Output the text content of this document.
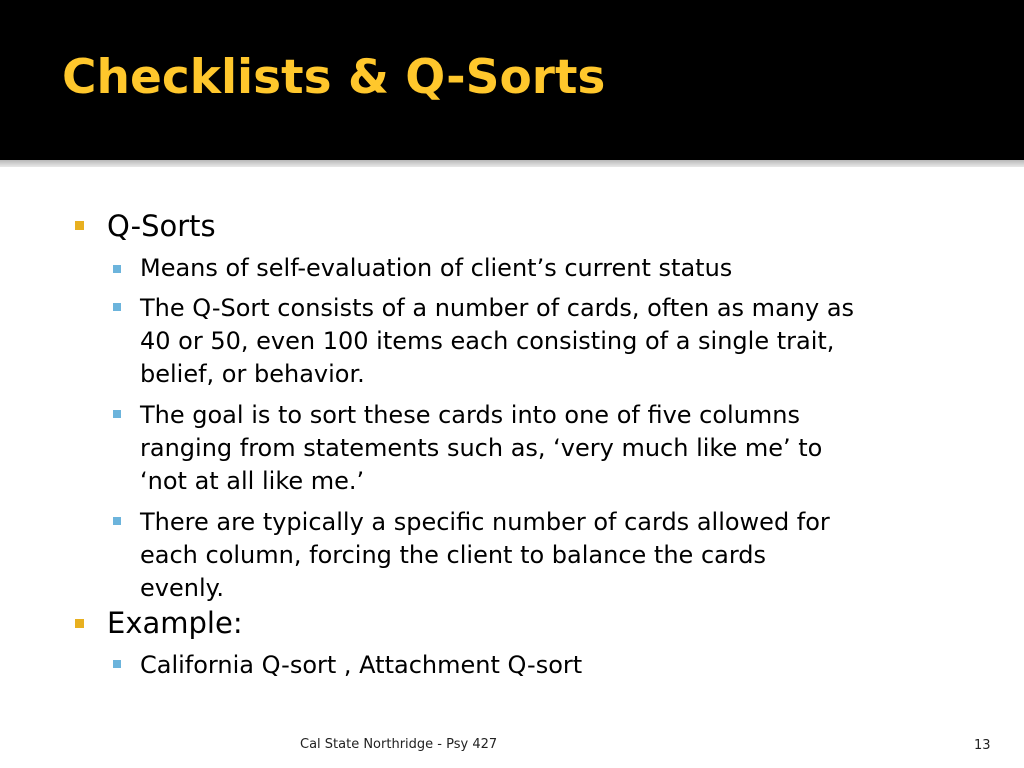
Checklists & Q-Sorts

Q-Sorts

Means of self-evaluation of client’s current status

The Q-Sort consists of a number of cards, often as many as

40 or 50, even 100 items each consisting of a single trait,

belief, or behavior.

The goal is to sort these cards into one of five columns

ranging from statements such as, ‘very much like me’ to

‘not at all like me.’

There are typically a specific number of cards allowed for

each column, forcing the client to balance the cards

evenly.

Example:

California Q-sort , Attachment Q-sort

Cal State Northridge - Psy 427	13
